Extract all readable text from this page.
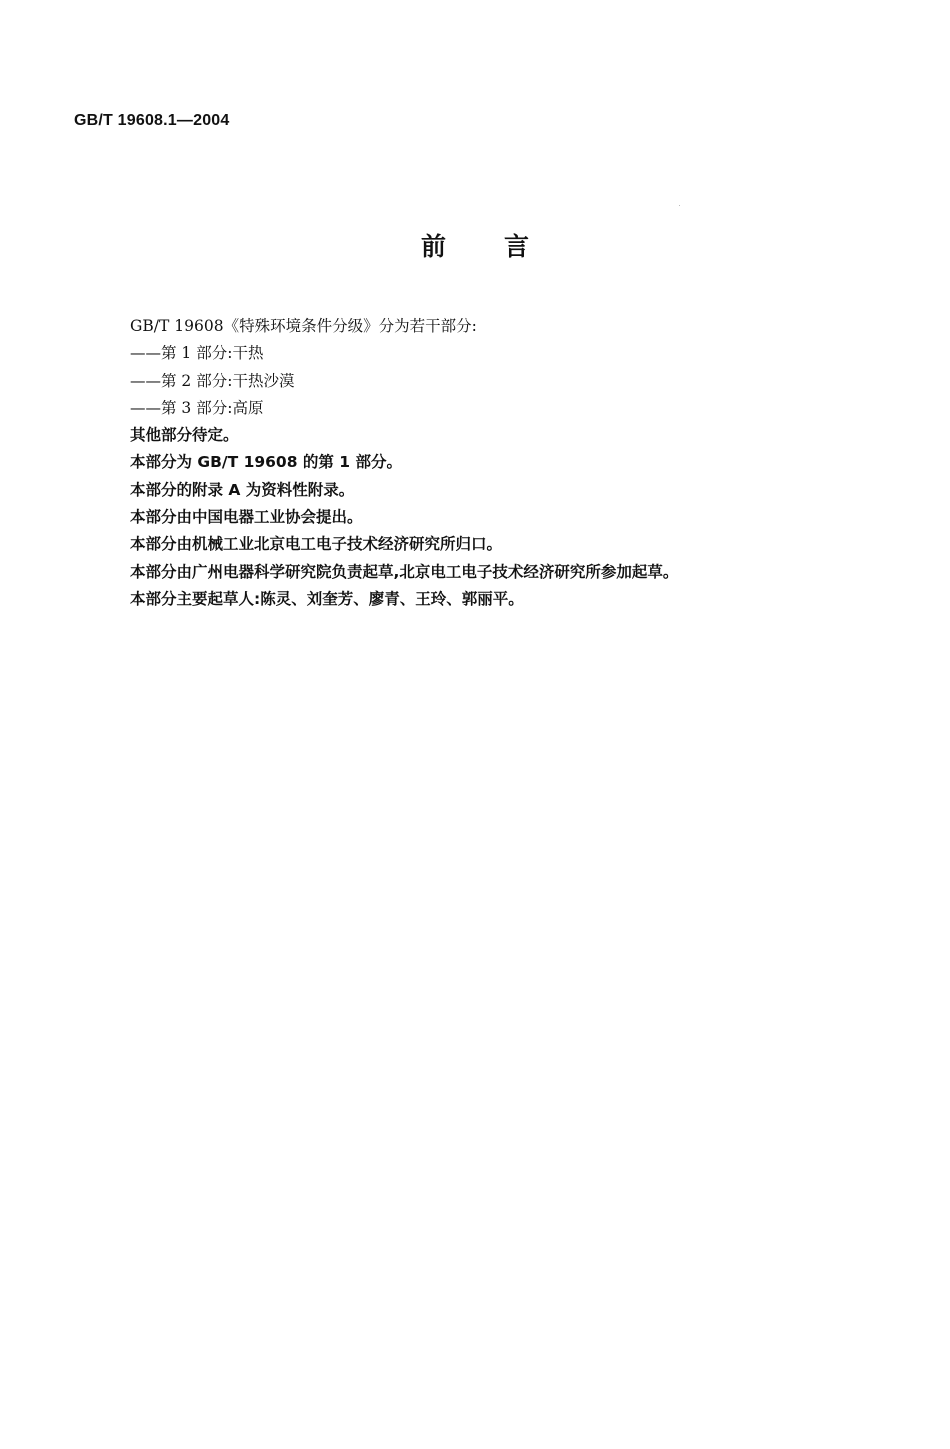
GB/T 19608.1—2004
前言
GB/T 19608《特殊环境条件分级》分为若干部分:
——第 1 部分:干热
——第 2 部分:干热沙漠
——第 3 部分:高原
其他部分待定。
本部分为 GB/T 19608 的第 1 部分。
本部分的附录 A 为资料性附录。
本部分由中国电器工业协会提出。
本部分由机械工业北京电工电子技术经济研究所归口。
本部分由广州电器科学研究院负责起草,北京电工电子技术经济研究所参加起草。
本部分主要起草人:陈灵、刘奎芳、廖青、王玲、郭丽平。
